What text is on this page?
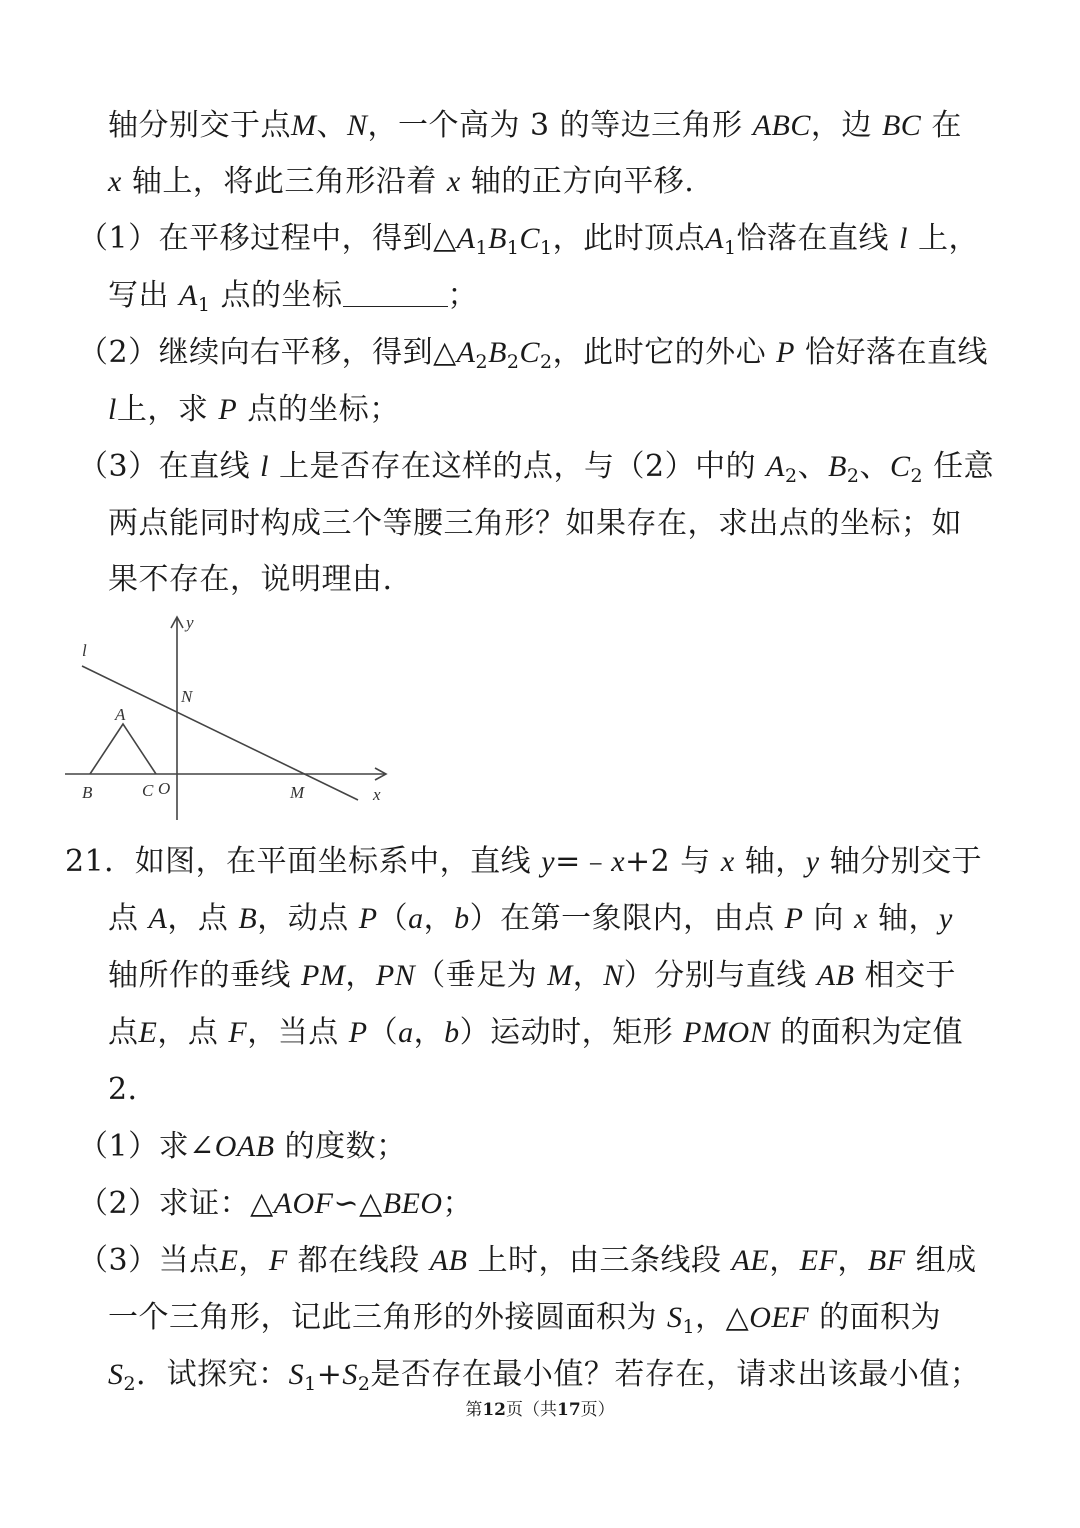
轴分别交于点M、N，一个高为 3 的等边三角形 ABC，边 BC 在
x 轴上，将此三角形沿着 x 轴的正方向平移.
（1）在平移过程中，得到$\triangle A_1B_1C_1$，此时顶点$A_1$恰落在直线 l 上，
写出 $A_1$ 点的坐标	；
（2）继续向右平移，得到$\triangle A_2B_2C_2$，此时它的外心 P 恰好落在直线
l上，求 P 点的坐标；
（3）在直线 l 上是否存在这样的点，与（2）中的 $A_2$、$B_2$、$C_2$ 任意
两点能同时构成三个等腰三角形？如果存在，求出点的坐标；如
果不存在，说明理由.
l
y
N
A
B	C O	M	x
21．如图，在平面坐标系中，直线 y=﹣x+2 与 x 轴，y 轴分别交于
点 A，点 B，动点 P（a，b）在第一象限内，由点 P 向 x 轴，y
轴所作的垂线 PM，PN（垂足为 M，N）分别与直线 AB 相交于
点E，点 F，当点 P（a，b）运动时，矩形 PMON 的面积为定值
2．
（1）求∠OAB 的度数；
（2）求证：△AOF∽△BEO；
（3）当点E，F 都在线段 AB 上时，由三条线段 AE，EF，BF 组成
一个三角形，记此三角形的外接圆面积为 $S_1$，△OEF 的面积为
$S_2$．试探究：$S_1+S_2$是否存在最小值？若存在，请求出该最小值；
第12页（共17页）
